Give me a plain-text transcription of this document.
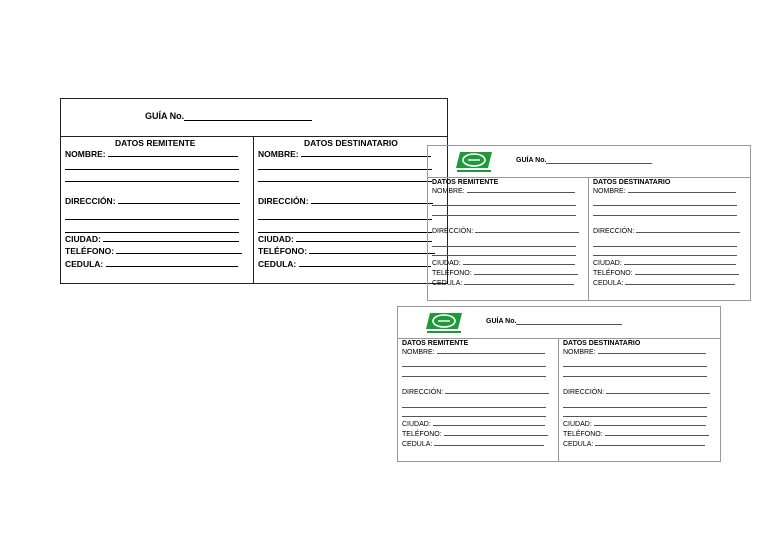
GUÍA No.
DATOS REMITENTE
NOMBRE:
DIRECCIÓN:
CIUDAD:
TELÉFONO:
CEDULA:
DATOS DESTINATARIO
NOMBRE:
DIRECCIÓN:
CIUDAD:
TELÉFONO:
CEDULA:
GUÍA No.
DATOS REMITENTE
NOMBRE:
DIRECCIÓN:
CIUDAD:
TELÉFONO:
CEDULA:
DATOS DESTINATARIO
NOMBRE:
DIRECCIÓN:
CIUDAD:
TELÉFONO:
CEDULA:
GUÍA No.
DATOS REMITENTE
NOMBRE:
DIRECCIÓN:
CIUDAD:
TELÉFONO:
CEDULA:
DATOS DESTINATARIO
NOMBRE:
DIRECCIÓN:
CIUDAD:
TELÉFONO:
CEDULA:
